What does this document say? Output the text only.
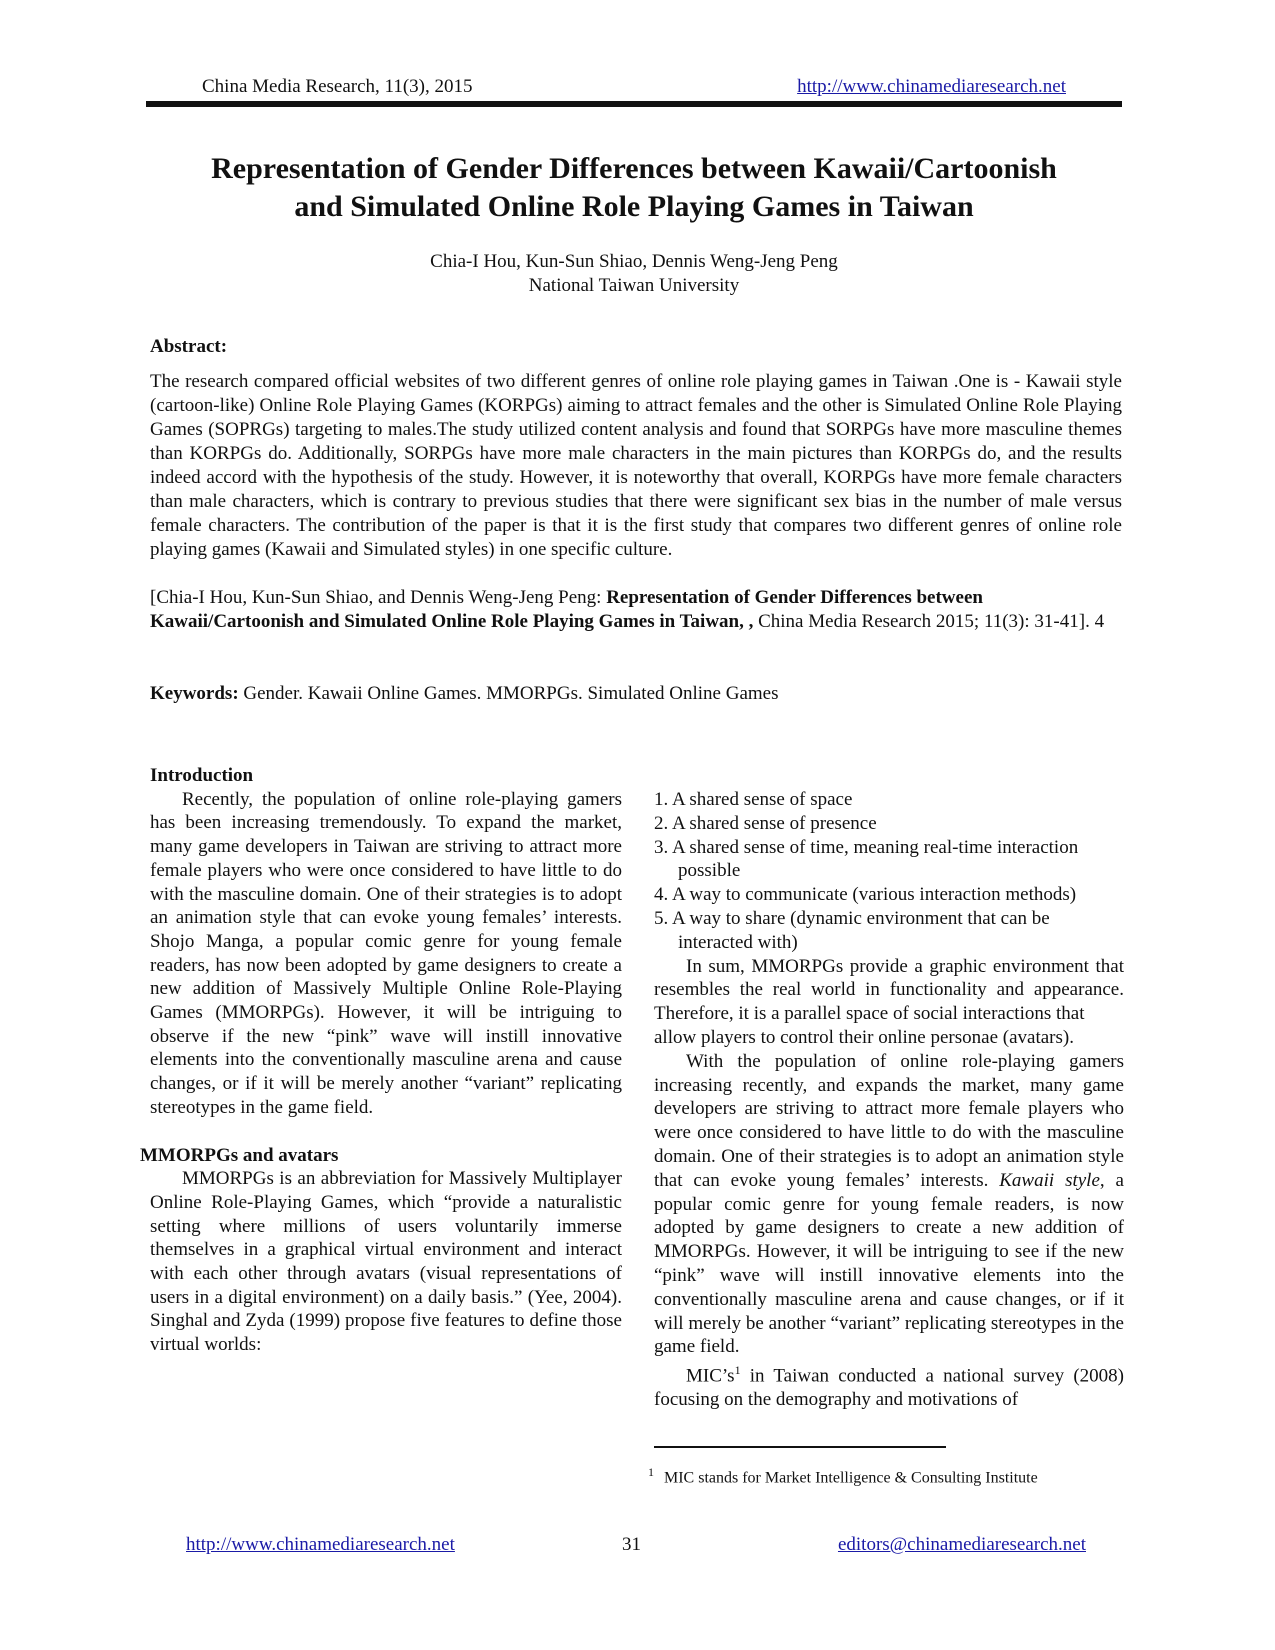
China Media Research, 11(3), 2015	http://www.chinamediaresearch.net
Representation of Gender Differences between Kawaii/Cartoonish
and Simulated Online Role Playing Games in Taiwan
Chia-I Hou, Kun-Sun Shiao, Dennis Weng-Jeng Peng
National Taiwan University
Abstract:

The research compared official websites of two different genres of online role playing games in Taiwan .One is - Kawaii style (cartoon-like) Online Role Playing Games (KORPGs) aiming to attract females and the other is Simulated Online Role Playing Games (SOPRGs) targeting to males.The study utilized content analysis and found that SORPGs have more masculine themes than KORPGs do. Additionally, SORPGs have more male characters in the main pictures than KORPGs do, and the results indeed accord with the hypothesis of the study. However, it is noteworthy that overall, KORPGs have more female characters than male characters, which is contrary to previous studies that there were significant sex bias in the number of male versus female characters. The contribution of the paper is that it is the first study that compares two different genres of online role playing games (Kawaii and Simulated styles) in one specific culture.

[Chia-I Hou, Kun-Sun Shiao, and Dennis Weng-Jeng Peng: Representation of Gender Differences between Kawaii/Cartoonish and Simulated Online Role Playing Games in Taiwan, , China Media Research 2015; 11(3): 31-41]. 4
Keywords: Gender. Kawaii Online Games. MMORPGs. Simulated Online Games
Introduction

Recently, the population of online role-playing gamers has been increasing tremendously. To expand the market, many game developers in Taiwan are striving to attract more female players who were once considered to have little to do with the masculine domain. One of their strategies is to adopt an animation style that can evoke young females’ interests. Shojo Manga, a popular comic genre for young female readers, has now been adopted by game designers to create a new addition of Massively Multiple Online Role-Playing Games (MMORPGs). However, it will be intriguing to observe if the new “pink” wave will instill innovative elements into the conventionally masculine arena and cause changes, or if it will be merely another “variant” replicating stereotypes in the game field.

MMORPGs and avatars

MMORPGs is an abbreviation for Massively Multiplayer Online Role-Playing Games, which “provide a naturalistic setting where millions of users voluntarily immerse themselves in a graphical virtual environment and interact with each other through avatars (visual representations of users in a digital environment) on a daily basis.” (Yee, 2004). Singhal and Zyda (1999) propose five features to define those virtual worlds:

1. A shared sense of space
2. A shared sense of presence
3. A shared sense of time, meaning real-time interaction possible
4. A way to communicate (various interaction methods)
5. A way to share (dynamic environment that can be interacted with)

In sum, MMORPGs provide a graphic environment that resembles the real world in functionality and appearance. Therefore, it is a parallel space of social interactions that

allow players to control their online personae (avatars).

With the population of online role-playing gamers increasing recently, and expands the market, many game developers are striving to attract more female players who were once considered to have little to do with the masculine domain. One of their strategies is to adopt an animation style that can evoke young females’ interests. Kawaii style, a popular comic genre for young female readers, is now adopted by game designers to create a new addition of MMORPGs. However, it will be intriguing to see if the new “pink” wave will instill innovative elements into the conventionally masculine arena and cause changes, or if it will merely be another “variant” replicating stereotypes in the game field.

MIC’s$^1$ in Taiwan conducted a national survey (2008) focusing on the demography and motivations of

$^1$ MIC stands for Market Intelligence & Consulting Institute
http://www.chinamediaresearch.net	31	editors@chinamediaresearch.net
